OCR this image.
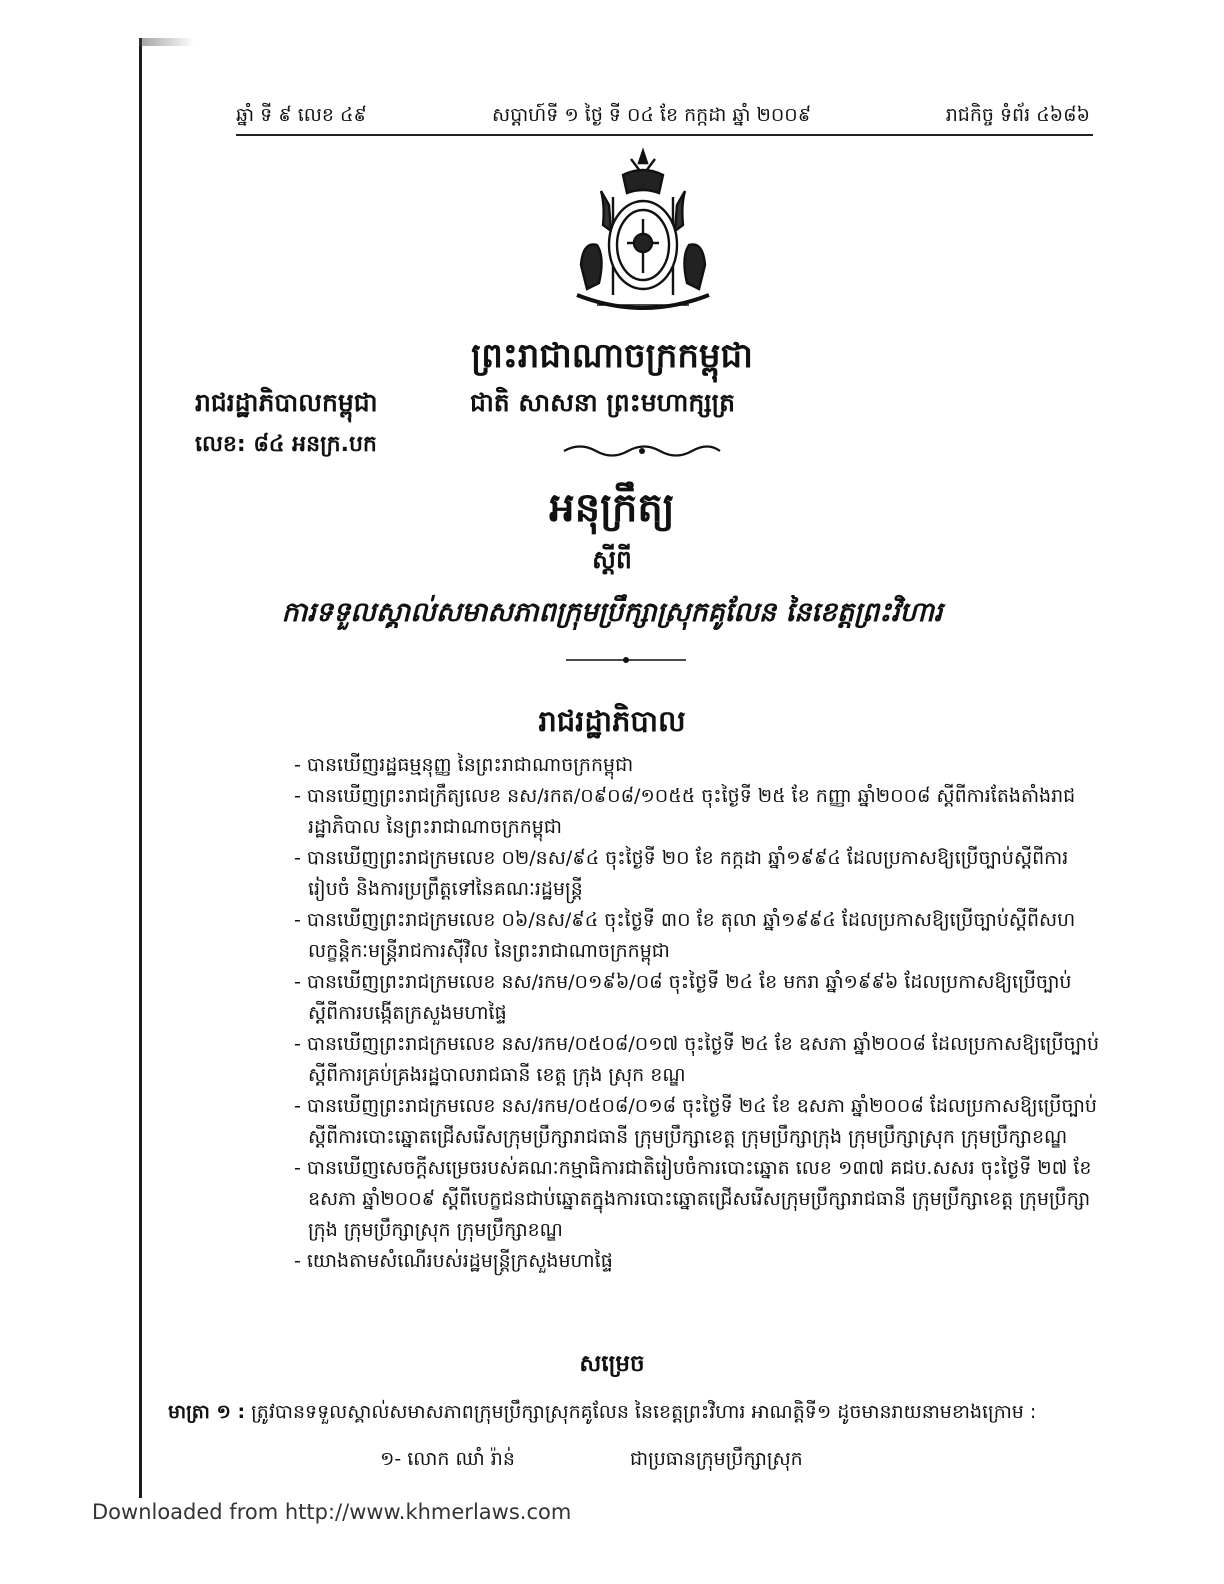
ឆ្នាំ ទី ៩ លេខ ៤៩	សប្តាហ៍ទី ១ ថ្ងៃ ទី ០៤ ខែ កក្កដា ឆ្នាំ ២០០៩	រាជកិច្ច ទំព័រ ៤៦៨៦
ព្រះរាជាណាចក្រកម្ពុជា
រាជរដ្ឋាភិបាលកម្ពុជា	ជាតិ សាសនា ព្រះមហាក្សត្រ
លេខ: ៨៤ អនក្រ.បក
អនុក្រឹត្យ
ស្តីពី
ការទទួលស្គាល់សមាសភាពក្រុមប្រឹក្សាស្រុកគូលែន នៃខេត្តព្រះវិហារ
រាជរដ្ឋាភិបាល
- បានឃើញរដ្ឋធម្មនុញ្ញ នៃព្រះរាជាណាចក្រកម្ពុជា
- បានឃើញព្រះរាជក្រឹត្យលេខ នស/រកត/០៩០៨/១០៥៥ ចុះថ្ងៃទី ២៥ ខែ កញ្ញា ឆ្នាំ២០០៨ ស្តីពីការតែងតាំងរាជរដ្ឋាភិបាល នៃព្រះរាជាណាចក្រកម្ពុជា
- បានឃើញព្រះរាជក្រមលេខ ០២/នស/៩៤ ចុះថ្ងៃទី ២០ ខែ កក្កដា ឆ្នាំ១៩៩៤ ដែលប្រកាសឱ្យប្រើច្បាប់ស្តីពីការរៀបចំ និងការប្រព្រឹត្តទៅនៃគណៈរដ្ឋមន្ត្រី
- បានឃើញព្រះរាជក្រមលេខ ០៦/នស/៩៤ ចុះថ្ងៃទី ៣០ ខែ តុលា ឆ្នាំ១៩៩៤ ដែលប្រកាសឱ្យប្រើច្បាប់ស្តីពីសហលក្ខន្តិកៈមន្ត្រីរាជការស៊ីវិល នៃព្រះរាជាណាចក្រកម្ពុជា
- បានឃើញព្រះរាជក្រមលេខ នស/រកម/០១៩៦/០៨ ចុះថ្ងៃទី ២៤ ខែ មករា ឆ្នាំ១៩៩៦ ដែលប្រកាសឱ្យប្រើច្បាប់ស្តីពីការបង្កើតក្រសួងមហាផ្ទៃ
- បានឃើញព្រះរាជក្រមលេខ នស/រកម/០៥០៨/០១៧ ចុះថ្ងៃទី ២៤ ខែ ឧសភា ឆ្នាំ២០០៨ ដែលប្រកាសឱ្យប្រើច្បាប់ស្តីពីការគ្រប់គ្រងរដ្ឋបាលរាជធានី ខេត្ត ក្រុង ស្រុក ខណ្ឌ
- បានឃើញព្រះរាជក្រមលេខ នស/រកម/០៥០៨/០១៨ ចុះថ្ងៃទី ២៤ ខែ ឧសភា ឆ្នាំ២០០៨ ដែលប្រកាសឱ្យប្រើច្បាប់ស្តីពីការបោះឆ្នោតជ្រើសរើសក្រុមប្រឹក្សារាជធានី ក្រុមប្រឹក្សាខេត្ត ក្រុមប្រឹក្សាក្រុង ក្រុមប្រឹក្សាស្រុក ក្រុមប្រឹក្សាខណ្ឌ
- បានឃើញសេចក្តីសម្រេចរបស់គណៈកម្មាធិការជាតិរៀបចំការបោះឆ្នោត លេខ ១៣៧ គជប.សសរ ចុះថ្ងៃទី ២៧ ខែ ឧសភា ឆ្នាំ២០០៩ ស្តីពីបេក្ខជនជាប់ឆ្នោតក្នុងការបោះឆ្នោតជ្រើសរើសក្រុមប្រឹក្សារាជធានី ក្រុមប្រឹក្សាខេត្ត ក្រុមប្រឹក្សាក្រុង ក្រុមប្រឹក្សាស្រុក ក្រុមប្រឹក្សាខណ្ឌ
- យោងតាមសំណើរបស់រដ្ឋមន្ត្រីក្រសួងមហាផ្ទៃ
សម្រេច
មាត្រា ១ : ត្រូវបានទទួលស្គាល់សមាសភាពក្រុមប្រឹក្សាស្រុកគូលែន នៃខេត្តព្រះវិហារ អាណត្តិទី១ ដូចមានរាយនាមខាងក្រោម :
១- លោក ឈាំ រ៉ាន់	ជាប្រធានក្រុមប្រឹក្សាស្រុក
Downloaded from http://www.khmerlaws.com
